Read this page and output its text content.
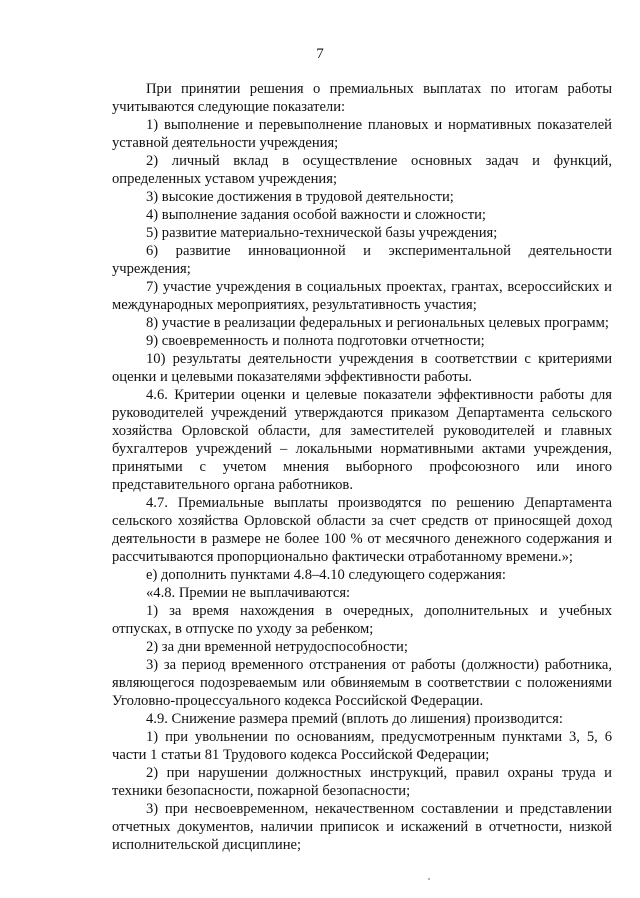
7

При принятии решения о премиальных выплатах по итогам работы учитываются следующие показатели:

1) выполнение и перевыполнение плановых и нормативных показателей уставной деятельности учреждения;

2) личный вклад в осуществление основных задач и функций, определенных уставом учреждения;

3) высокие достижения в трудовой деятельности;

4) выполнение задания особой важности и сложности;

5) развитие материально-технической базы учреждения;

6) развитие инновационной и экспериментальной деятельности учреждения;

7) участие учреждения в социальных проектах, грантах, всероссийских и международных мероприятиях, результативность участия;

8) участие в реализации федеральных и региональных целевых программ;

9) своевременность и полнота подготовки отчетности;

10) результаты деятельности учреждения в соответствии с критериями оценки и целевыми показателями эффективности работы.

4.6. Критерии оценки и целевые показатели эффективности работы для руководителей учреждений утверждаются приказом Департамента сельского хозяйства Орловской области, для заместителей руководителей и главных бухгалтеров учреждений – локальными нормативными актами учреждения, принятыми с учетом мнения выборного профсоюзного или иного представительного органа работников.

4.7. Премиальные выплаты производятся по решению Департамента сельского хозяйства Орловской области за счет средств от приносящей доход деятельности в размере не более 100 % от месячного денежного содержания и рассчитываются пропорционально фактически отработанному времени.»;

е) дополнить пунктами 4.8–4.10 следующего содержания:

«4.8. Премии не выплачиваются:

1) за время нахождения в очередных, дополнительных и учебных отпусках, в отпуске по уходу за ребенком;

2) за дни временной нетрудоспособности;

3) за период временного отстранения от работы (должности) работника, являющегося подозреваемым или обвиняемым в соответствии с положениями Уголовно-процессуального кодекса Российской Федерации.

4.9. Снижение размера премий (вплоть до лишения) производится:

1) при увольнении по основаниям, предусмотренным пунктами 3, 5, 6 части 1 статьи 81 Трудового кодекса Российской Федерации;

2) при нарушении должностных инструкций, правил охраны труда и техники безопасности, пожарной безопасности;

3) при несвоевременном, некачественном составлении и представлении отчетных документов, наличии приписок и искажений в отчетности, низкой исполнительской дисциплине;
